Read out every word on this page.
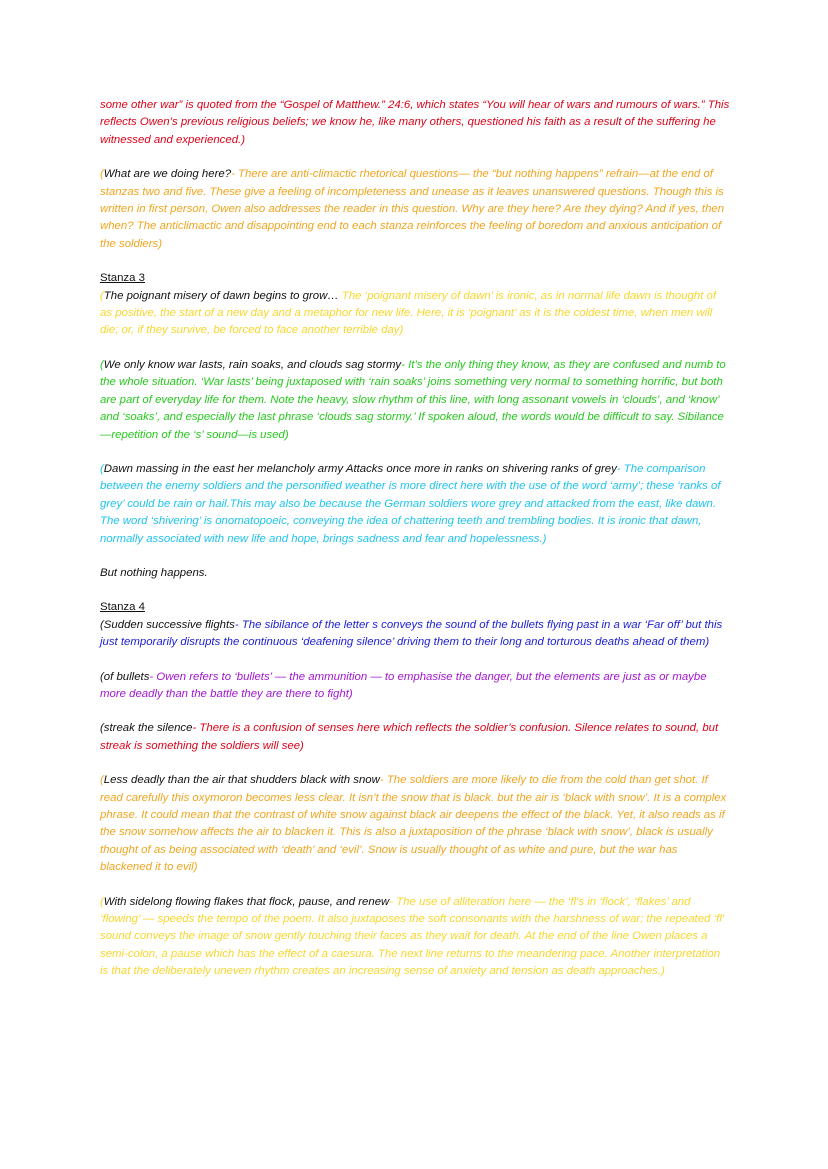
some other war” is quoted from the “Gospel of Matthew.” 24:6, which states “You will hear of wars and rumours of wars.” This reflects Owen’s previous religious beliefs; we know he, like many others, questioned his faith as a result of the suffering he witnessed and experienced.)

(What are we doing here?- There are anti-climactic rhetorical questions— the “but nothing happens” refrain—at the end of stanzas two and five. These give a feeling of incompleteness and unease as it leaves unanswered questions. Though this is written in first person, Owen also addresses the reader in this question. Why are they here? Are they dying? And if yes, then when? The anticlimactic and disappointing end to each stanza reinforces the feeling of boredom and anxious anticipation of the soldiers)

Stanza 3

(The poignant misery of dawn begins to grow… The ‘poignant misery of dawn’ is ironic, as in normal life dawn is thought of as positive, the start of a new day and a metaphor for new life. Here, it is ‘poignant’ as it is the coldest time, when men will die; or, if they survive, be forced to face another terrible day)

(We only know war lasts, rain soaks, and clouds sag stormy- It’s the only thing they know, as they are confused and numb to the whole situation. ‘War lasts’ being juxtaposed with ‘rain soaks’ joins something very normal to something horrific, but both are part of everyday life for them. Note the heavy, slow rhythm of this line, with long assonant vowels in ‘clouds’, and ‘know’ and ‘soaks’, and especially the last phrase ‘clouds sag stormy.’ If spoken aloud, the words would be difficult to say. Sibilance—repetition of the ‘s’ sound—is used)

(Dawn massing in the east her melancholy army Attacks once more in ranks on shivering ranks of grey- The comparison between the enemy soldiers and the personified weather is more direct here with the use of the word ‘army’; these ‘ranks of grey’ could be rain or hail.This may also be because the German soldiers wore grey and attacked from the east, like dawn. The word ‘shivering’ is onomatopoeic, conveying the idea of chattering teeth and trembling bodies. It is ironic that dawn, normally associated with new life and hope, brings sadness and fear and hopelessness.)

But nothing happens.

Stanza 4

(Sudden successive flights- The sibilance of the letter s conveys the sound of the bullets flying past in a war ‘Far off’ but this just temporarily disrupts the continuous ‘deafening silence’ driving them to their long and torturous deaths ahead of them)

(of bullets- Owen refers to ‘bullets’ — the ammunition — to emphasise the danger, but the elements are just as or maybe more deadly than the battle they are there to fight)

(streak the silence- There is a confusion of senses here which reflects the soldier’s confusion. Silence relates to sound, but streak is something the soldiers will see)

(Less deadly than the air that shudders black with snow- The soldiers are more likely to die from the cold than get shot. If read carefully this oxymoron becomes less clear. It isn’t the snow that is black. but the air is ‘black with snow’. It is a complex phrase. It could mean that the contrast of white snow against black air deepens the effect of the black. Yet, it also reads as if the snow somehow affects the air to blacken it. This is also a juxtaposition of the phrase ‘black with snow’, black is usually thought of as being associated with ‘death’ and ‘evil’. Snow is usually thought of as white and pure, but the war has blackened it to evil)

(With sidelong flowing flakes that flock, pause, and renew- The use of alliteration here — the ‘fl’s in ‘flock’, ‘flakes’ and ‘flowing’ — speeds the tempo of the poem. It also juxtaposes the soft consonants with the harshness of war; the repeated ‘fl’ sound conveys the image of snow gently touching their faces as they wait for death. At the end of the line Owen places a semi-colon, a pause which has the effect of a caesura. The next line returns to the meandering pace. Another interpretation is that the deliberately uneven rhythm creates an increasing sense of anxiety and tension as death approaches.)
